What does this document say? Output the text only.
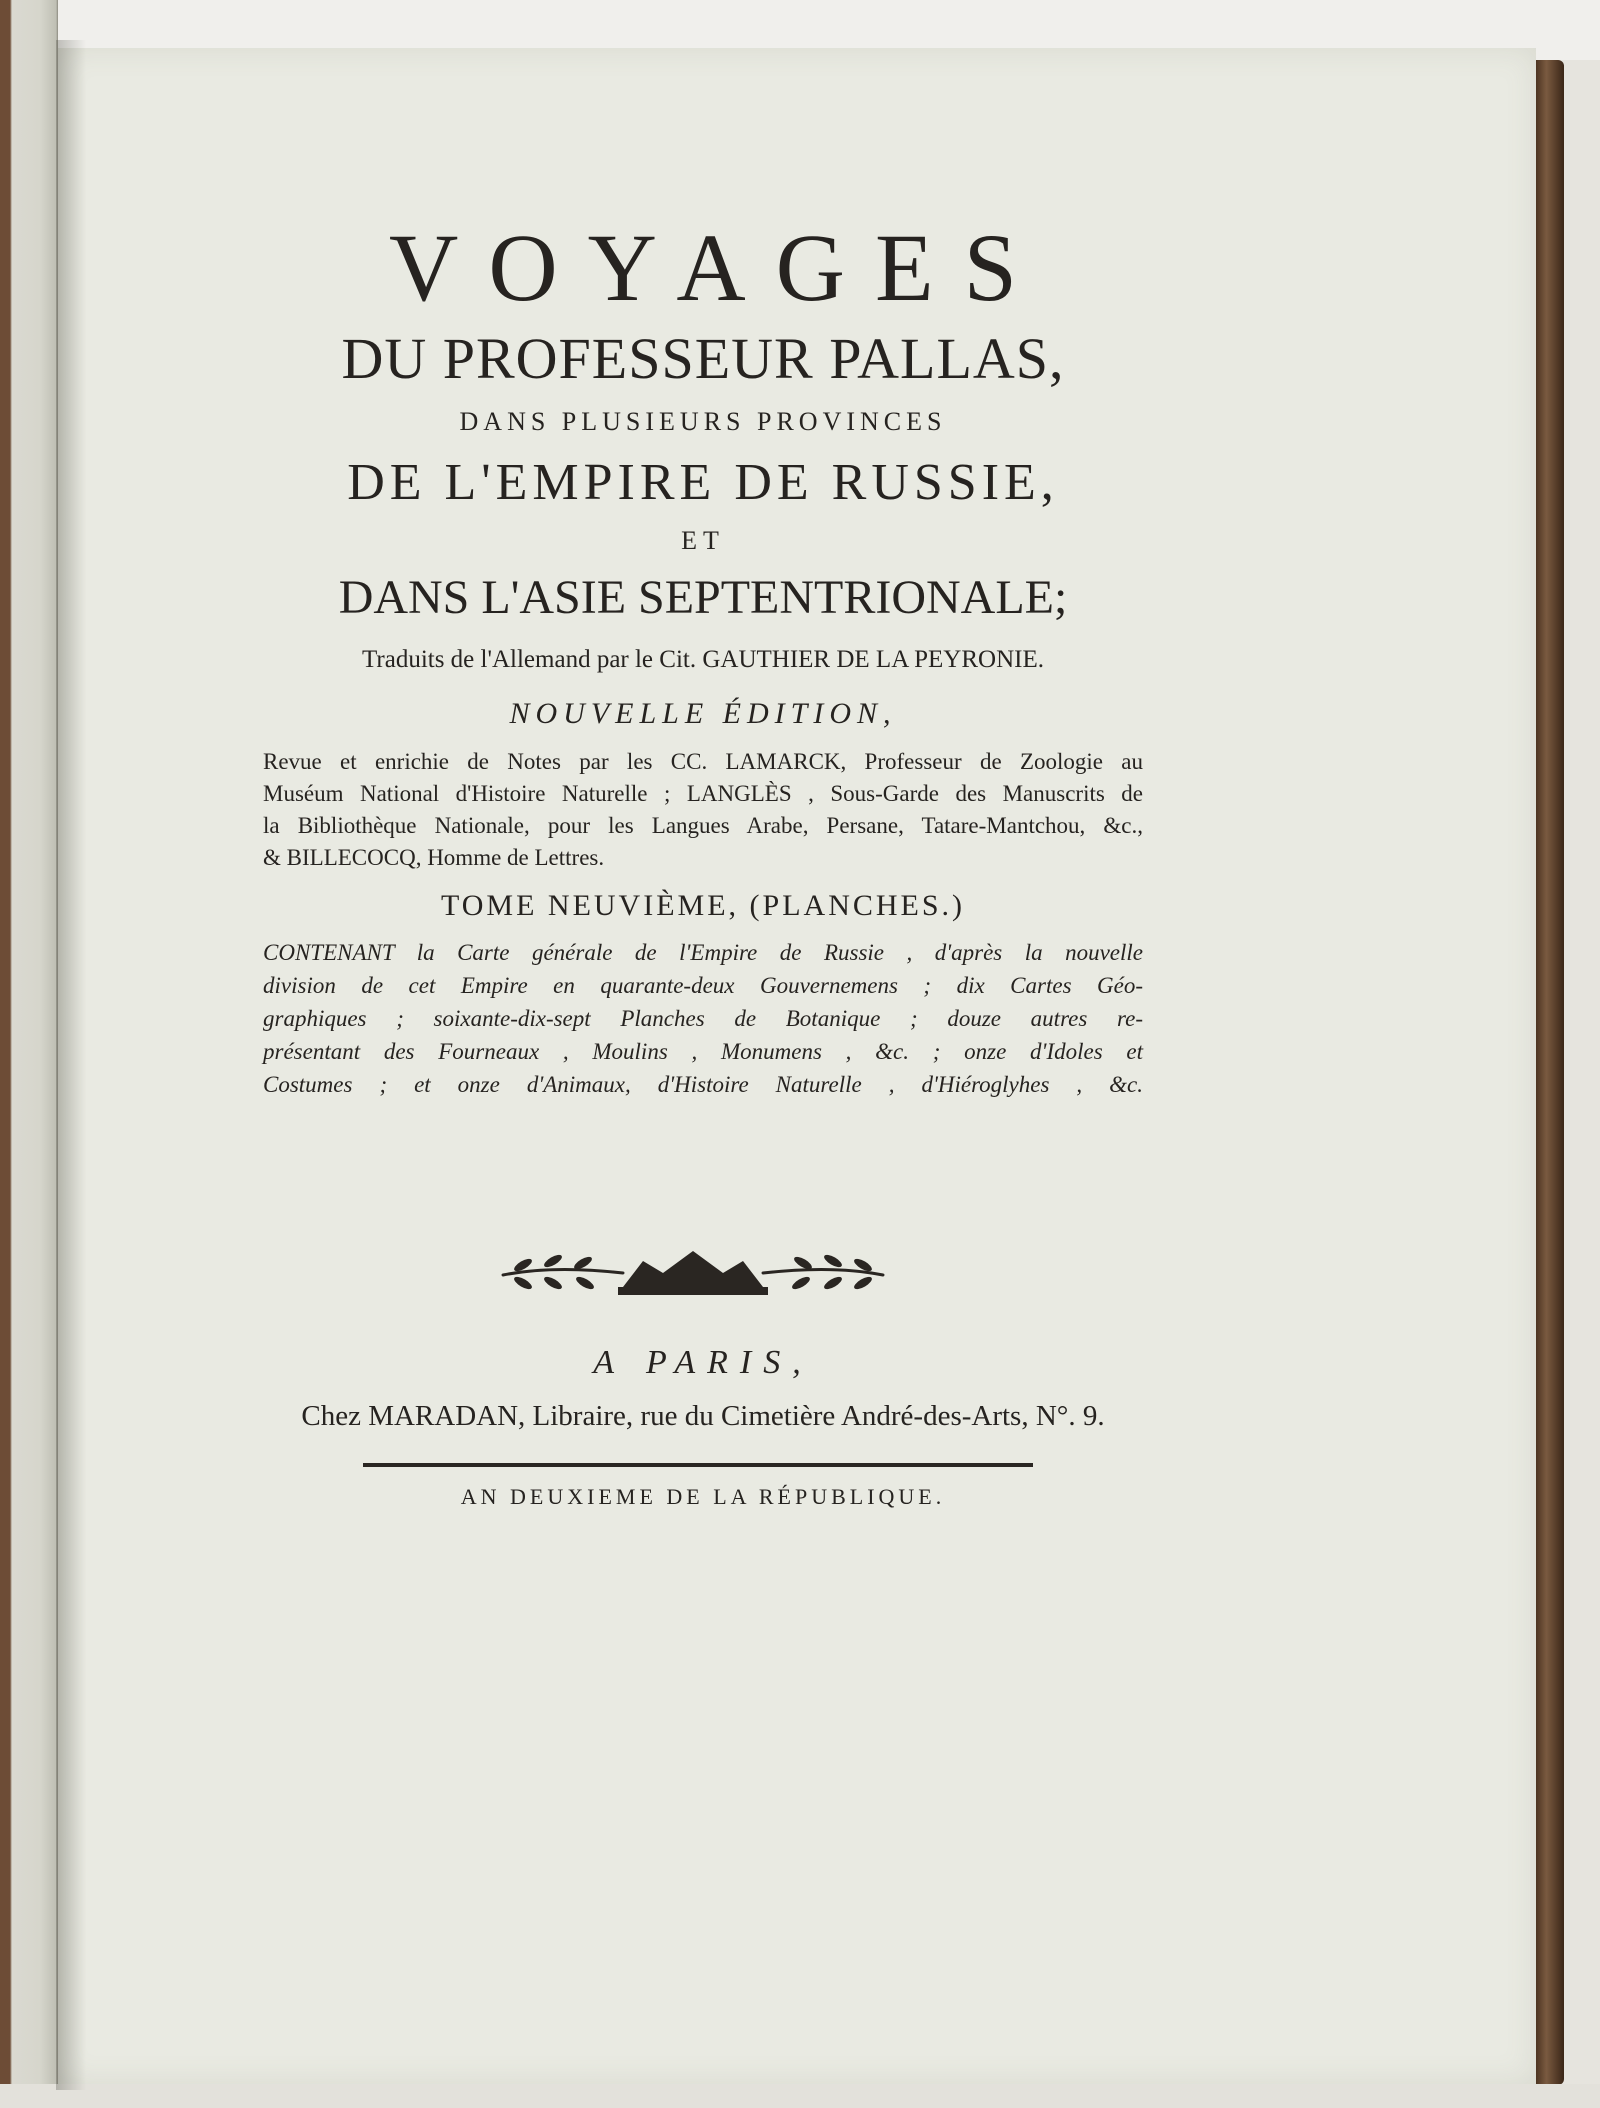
VOYAGES
DU PROFESSEUR PALLAS,
DANS PLUSIEURS PROVINCES
DE L'EMPIRE DE RUSSIE,
ET
DANS L'ASIE SEPTENTRIONALE;
Traduits de l'Allemand par le Cit. GAUTHIER DE LA PEYRONIE.
NOUVELLE ÉDITION,
Revue et enrichie de Notes par les CC. LAMARCK, Professeur de Zoologie au
Muséum National d'Histoire Naturelle ; LANGLÈS , Sous-Garde des Manuscrits de
la Bibliothèque Nationale, pour les Langues Arabe, Persane, Tatare-Mantchou, &c.,
& BILLECOCQ, Homme de Lettres.
TOME NEUVIÈME, (PLANCHES.)
CONTENANT la Carte générale de l'Empire de Russie , d'après la nouvelle
division de cet Empire en quarante-deux Gouvernemens ; dix Cartes Géo-
graphiques ; soixante-dix-sept Planches de Botanique ; douze autres re-
présentant des Fourneaux , Moulins , Monumens , &c. ; onze d'Idoles et
Costumes ; et onze d'Animaux, d'Histoire Naturelle , d'Hiéroglyhes , &c.
A PARIS,
Chez MARADAN, Libraire, rue du Cimetière André-des-Arts, N°. 9.
AN DEUXIEME DE LA RÉPUBLIQUE.
